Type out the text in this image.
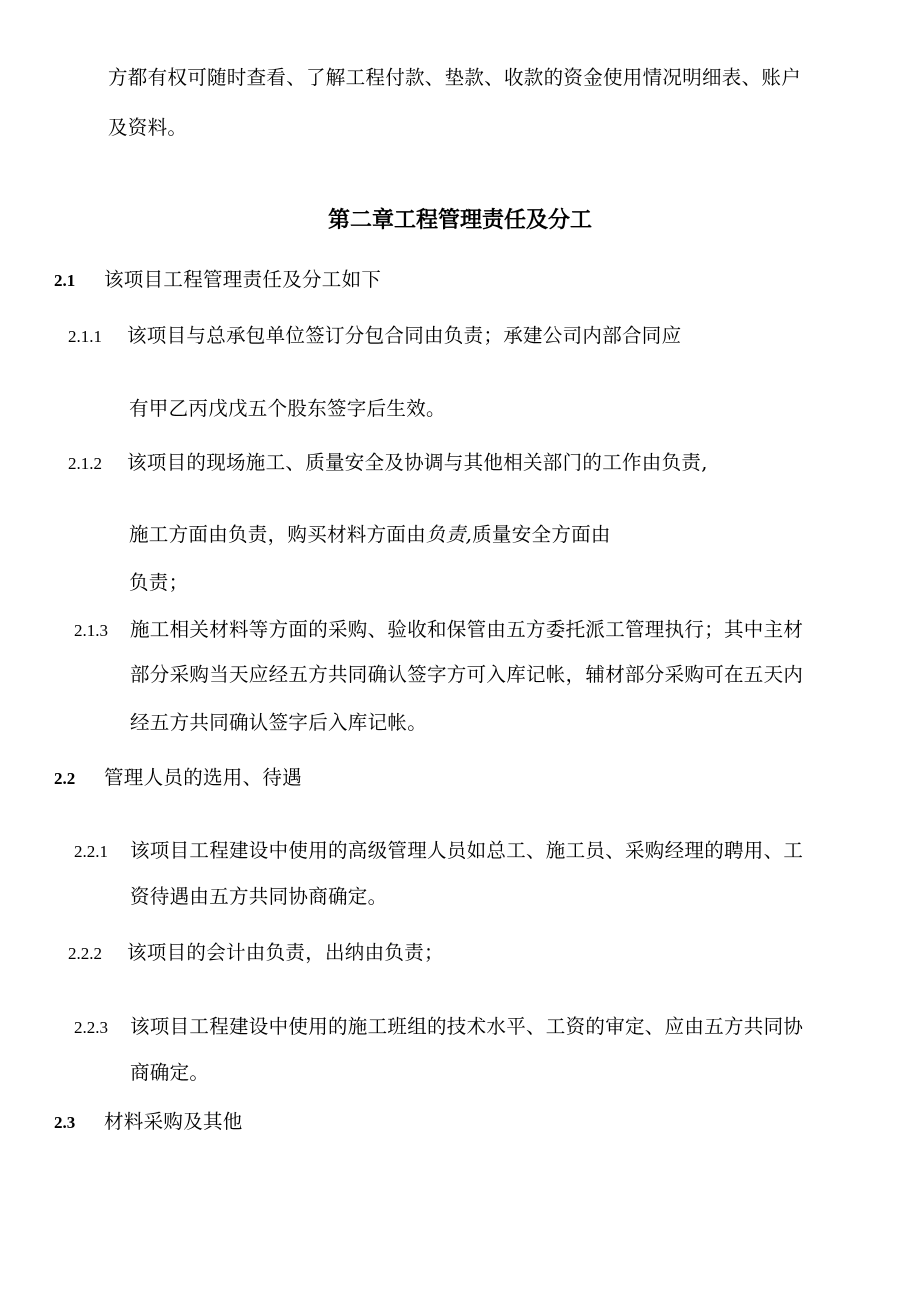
方都有权可随时查看、了解工程付款、垫款、收款的资金使用情况明细表、账户
及资料。
第二章工程管理责任及分工
2.1 该项目工程管理责任及分工如下
2.1.1 该项目与总承包单位签订分包合同由负责；承建公司内部合同应
有甲乙丙戊戊五个股东签字后生效。
2.1.2 该项目的现场施工、质量安全及协调与其他相关部门的工作由负责,
施工方面由负责，购买材料方面由负责,质量安全方面由
负责；
2.1.3 施工相关材料等方面的采购、验收和保管由五方委托派工管理执行；其中主材
部分采购当天应经五方共同确认签字方可入库记帐，辅材部分采购可在五天内
经五方共同确认签字后入库记帐。
2.2 管理人员的选用、待遇
2.2.1 该项目工程建设中使用的高级管理人员如总工、施工员、采购经理的聘用、工
资待遇由五方共同协商确定。
2.2.2 该项目的会计由负责，出纳由负责；
2.2.3 该项目工程建设中使用的施工班组的技术水平、工资的审定、应由五方共同协
商确定。
2.3 材料采购及其他
